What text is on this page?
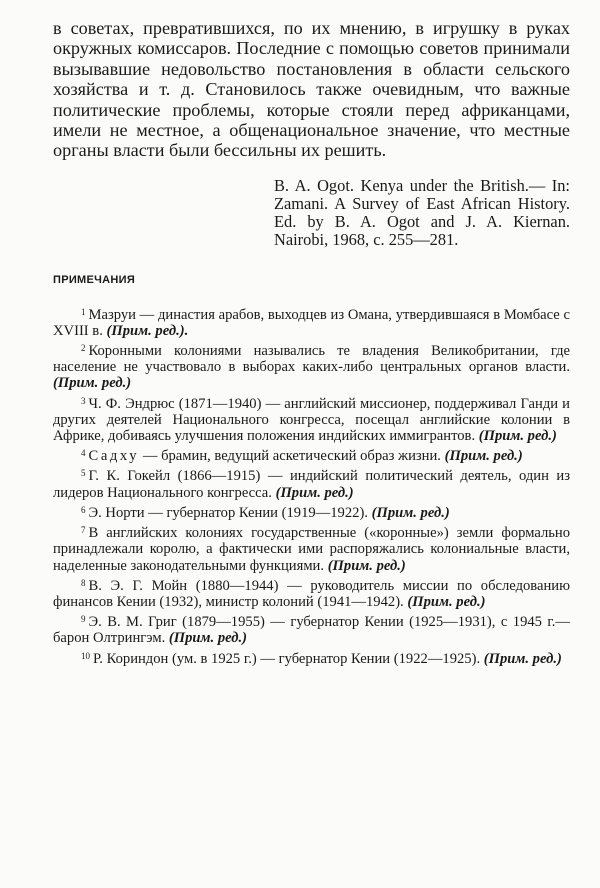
в советах, превратившихся, по их мнению, в игрушку в руках окружных комиссаров. Последние с помощью советов принимали вызывавшие недовольство постановления в области сельского хозяйства и т. д. Становилось также очевидным, что важные политические проблемы, которые стояли перед африканцами, имели не местное, а общенациональное значение, что местные органы власти были бессильны их решить.

B. A. Ogot. Kenya under the British.— In: Zamani. A Survey of East African History. Ed. by B. A. Ogot and J. A. Kiernan. Nairobi, 1968, c. 255—281.
ПРИМЕЧАНИЯ
$^1$ Мазруи — династия арабов, выходцев из Омана, утвердившаяся в Момбасе с XVIII в. (Прим. ред.).
$^2$ Коронными колониями назывались те владения Великобритании, где население не участвовало в выборах каких-либо центральных органов власти. (Прим. ред.)
$^3$ Ч. Ф. Эндрюс (1871—1940) — английский миссионер, поддерживал Ганди и других деятелей Национального конгресса, посещал английские колонии в Африке, добиваясь улучшения положения индийских иммигрантов. (Прим. ред.)
$^4$ Садху — брамин, ведущий аскетический образ жизни. (Прим. ред.)
$^5$ Г. К. Гокейл (1866—1915) — индийский политический деятель, один из лидеров Национального конгресса. (Прим. ред.)
$^6$ Э. Норти — губернатор Кении (1919—1922). (Прим. ред.)
$^7$ В английских колониях государственные («коронные») земли формально принадлежали королю, а фактически ими распоряжались колониальные власти, наделенные законодательными функциями. (Прим. ред.)
$^8$ В. Э. Г. Мойн (1880—1944) — руководитель миссии по обследованию финансов Кении (1932), министр колоний (1941—1942). (Прим. ред.)
$^9$ Э. В. М. Григ (1879—1955) — губернатор Кении (1925—1931), с 1945 г.— барон Олтрингэм. (Прим. ред.)
$^{10}$ Р. Кориндон (ум. в 1925 г.) — губернатор Кении (1922—1925). (Прим. ред.)
